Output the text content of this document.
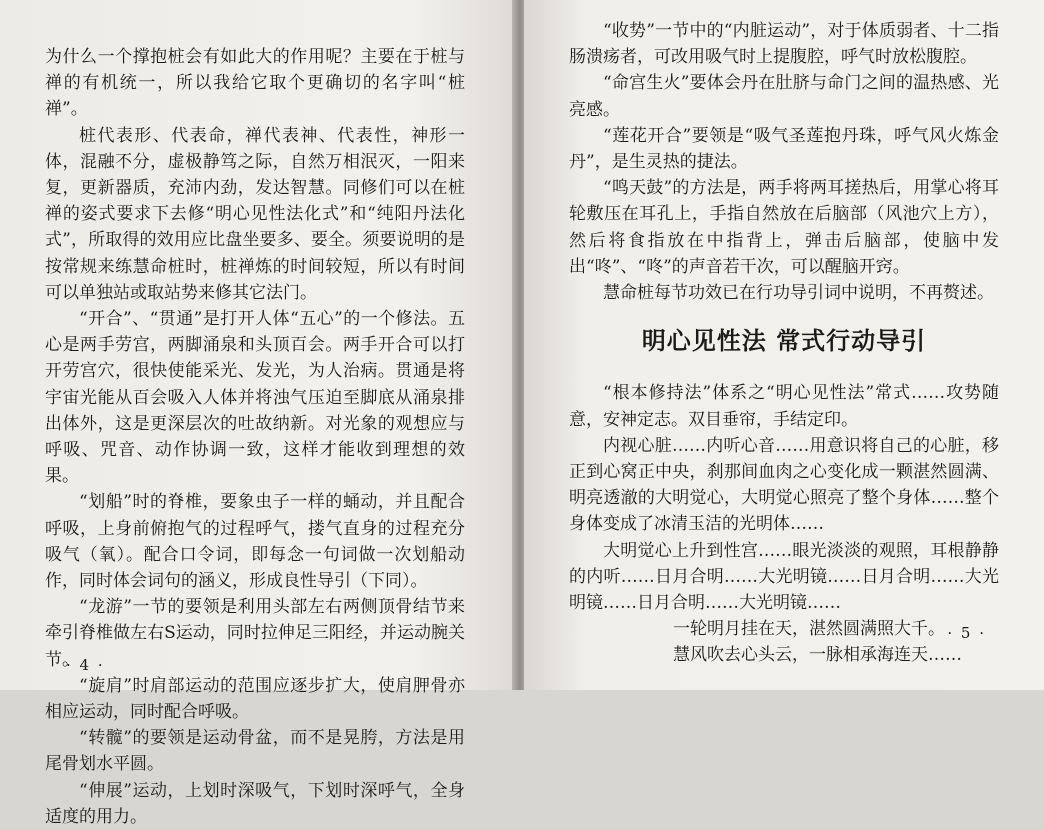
为什么一个撑抱桩会有如此大的作用呢？主要在于桩与禅的有机统一，所以我给它取个更确切的名字叫“桩禅”。

桩代表形、代表命，禅代表神、代表性，神形一体，混融不分，虚极静笃之际，自然万相泯灭，一阳来复，更新器质，充沛内劲，发达智慧。同修们可以在桩禅的姿式要求下去修“明心见性法化式”和“纯阳丹法化式”，所取得的效用应比盘坐要多、要全。须要说明的是按常规来练慧命桩时，桩禅炼的时间较短，所以有时间可以单独站或取站势来修其它法门。

“开合”、“贯通”是打开人体“五心”的一个修法。五心是两手劳宫，两脚涌泉和头顶百会。两手开合可以打开劳宫穴，很快使能采光、发光，为人治病。贯通是将宇宙光能从百会吸入人体并将浊气压迫至脚底从涌泉排出体外，这是更深层次的吐故纳新。对光象的观想应与呼吸、咒音、动作协调一致，这样才能收到理想的效果。

“划船”时的脊椎，要象虫子一样的蛹动，并且配合呼吸，上身前俯抱气的过程呼气，搂气直身的过程充分吸气（氧）。配合口令词，即每念一句词做一次划船动作，同时体会词句的涵义，形成良性导引（下同）。

“龙游”一节的要领是利用头部左右两侧顶骨结节来牵引脊椎做左右S运动，同时拉伸足三阳经，并运动腕关节。

“旋肩”时肩部运动的范围应逐步扩大，使肩胛骨亦相应运动，同时配合呼吸。

“转髋”的要领是运动骨盆，而不是晃胯，方法是用尾骨划水平圆。

“伸展”运动，上划时深吸气，下划时深呼气，全身适度的用力。

· 4 ·

“收势”一节中的“内脏运动”，对于体质弱者、十二指肠溃疡者，可改用吸气时上提腹腔，呼气时放松腹腔。

“命宫生火”要体会丹在肚脐与命门之间的温热感、光亮感。

“莲花开合”要领是“吸气圣莲抱丹珠，呼气风火炼金丹”，是生灵热的捷法。

“鸣天鼓”的方法是，两手将两耳搓热后，用掌心将耳轮敷压在耳孔上，手指自然放在后脑部（风池穴上方），然后将食指放在中指背上，弹击后脑部，使脑中发出“咚”、“咚”的声音若干次，可以醒脑开窍。

慧命桩每节功效已在行功导引词中说明，不再赘述。

明心见性法 常式行动导引

“根本修持法”体系之“明心见性法”常式……攻势随意，安神定志。双目垂帘，手结定印。

内视心脏……内听心音……用意识将自己的心脏，移正到心窝正中央，刹那间血肉之心变化成一颗湛然圆满、明亮透澈的大明觉心，大明觉心照亮了整个身体……整个身体变成了冰清玉洁的光明体……

大明觉心上升到性宫……眼光淡淡的观照，耳根静静的内听……日月合明……大光明镜……日月合明……大光明镜……日月合明……大光明镜……

一轮明月挂在天，湛然圆满照大千。

慧风吹去心头云，一脉相承海连天……

· 5 ·
